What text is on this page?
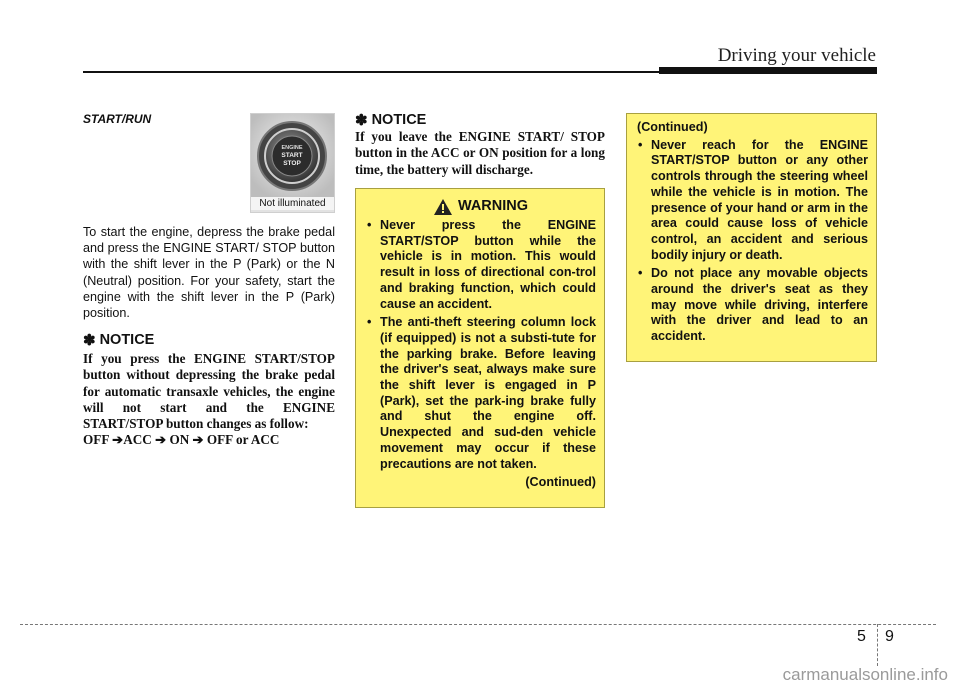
Driving your vehicle
START/RUN
ENGINE
START
STOP
Not illuminated
To start the engine, depress the brake pedal and press the ENGINE START/ STOP button with the shift lever in the P (Park) or the N (Neutral) position. For your safety, start the engine with the shift lever in the P (Park) position.
✽ NOTICE
If you press the ENGINE START/STOP button without depressing the brake pedal for automatic transaxle vehicles, the engine will not start and the ENGINE START/STOP button changes as follow:
OFF ➔ACC ➔ ON ➔ OFF or ACC
✽ NOTICE
If you leave the ENGINE START/ STOP button in the ACC or ON position for a long time, the battery will discharge.
WARNING
• Never press the ENGINE START/STOP button while the vehicle is in motion. This would result in loss of directional con-trol and braking function, which could cause an accident.
• The anti-theft steering column lock (if equipped) is not a substi-tute for the parking brake. Before leaving the driver's seat, always make sure the shift lever is engaged in P (Park), set the park-ing brake fully and shut the engine off. Unexpected and sud-den vehicle movement may occur if these precautions are not taken.
(Continued)
(Continued)
• Never reach for the ENGINE START/STOP button or any other controls through the steering wheel while the vehicle is in motion. The presence of your hand or arm in the area could cause loss of vehicle control, an accident and serious bodily injury or death.
• Do not place any movable objects around the driver's seat as they may move while driving, interfere with the driver and lead to an accident.
5 9
carmanualsonline.info
